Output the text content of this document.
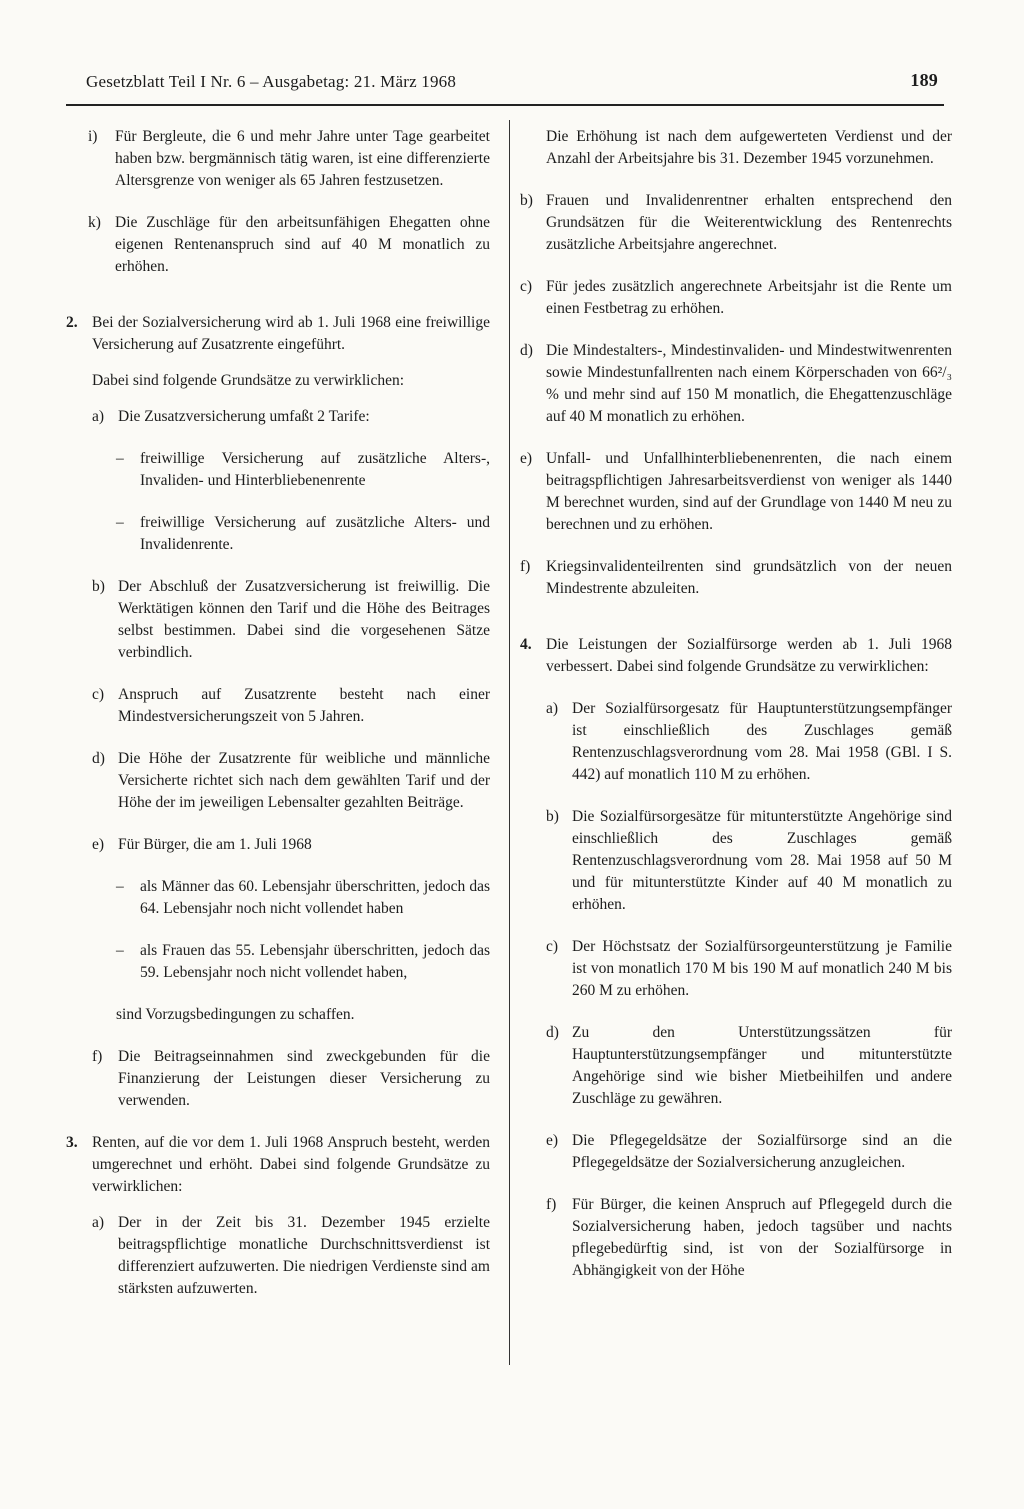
Gesetzblatt Teil I Nr. 6 – Ausgabetag: 21. März 1968	189

i) Für Bergleute, die 6 und mehr Jahre unter Tage gearbeitet haben bzw. bergmännisch tätig waren, ist eine differenzierte Altersgrenze von weniger als 65 Jahren festzusetzen.

k) Die Zuschläge für den arbeitsunfähigen Ehegatten ohne eigenen Rentenanspruch sind auf 40 M monatlich zu erhöhen.

2. Bei der Sozialversicherung wird ab 1. Juli 1968 eine freiwillige Versicherung auf Zusatzrente eingeführt.

Dabei sind folgende Grundsätze zu verwirklichen:

a) Die Zusatzversicherung umfaßt 2 Tarife:

– freiwillige Versicherung auf zusätzliche Alters-, Invaliden- und Hinterbliebenenrente

– freiwillige Versicherung auf zusätzliche Alters- und Invalidenrente.

b) Der Abschluß der Zusatzversicherung ist freiwillig. Die Werktätigen können den Tarif und die Höhe des Beitrages selbst bestimmen. Dabei sind die vorgesehenen Sätze verbindlich.

c) Anspruch auf Zusatzrente besteht nach einer Mindestversicherungszeit von 5 Jahren.

d) Die Höhe der Zusatzrente für weibliche und männliche Versicherte richtet sich nach dem gewählten Tarif und der Höhe der im jeweiligen Lebensalter gezahlten Beiträge.

e) Für Bürger, die am 1. Juli 1968

– als Männer das 60. Lebensjahr überschritten, jedoch das 64. Lebensjahr noch nicht vollendet haben

– als Frauen das 55. Lebensjahr überschritten, jedoch das 59. Lebensjahr noch nicht vollendet haben,

sind Vorzugsbedingungen zu schaffen.

f) Die Beitragseinnahmen sind zweckgebunden für die Finanzierung der Leistungen dieser Versicherung zu verwenden.

3. Renten, auf die vor dem 1. Juli 1968 Anspruch besteht, werden umgerechnet und erhöht. Dabei sind folgende Grundsätze zu verwirklichen:

a) Der in der Zeit bis 31. Dezember 1945 erzielte beitragspflichtige monatliche Durchschnittsverdienst ist differenziert aufzuwerten. Die niedrigen Verdienste sind am stärksten aufzuwerten.

Die Erhöhung ist nach dem aufgewerteten Verdienst und der Anzahl der Arbeitsjahre bis 31. Dezember 1945 vorzunehmen.

b) Frauen und Invalidenrentner erhalten entsprechend den Grundsätzen für die Weiterentwicklung des Rentenrechts zusätzliche Arbeitsjahre angerechnet.

c) Für jedes zusätzlich angerechnete Arbeitsjahr ist die Rente um einen Festbetrag zu erhöhen.

d) Die Mindestalters-, Mindestinvaliden- und Mindestwitwenrenten sowie Mindestunfallrenten nach einem Körperschaden von 66²/₃ % und mehr sind auf 150 M monatlich, die Ehegattenzuschläge auf 40 M monatlich zu erhöhen.

e) Unfall- und Unfallhinterbliebenenrenten, die nach einem beitragspflichtigen Jahresarbeitsverdienst von weniger als 1440 M berechnet wurden, sind auf der Grundlage von 1440 M neu zu berechnen und zu erhöhen.

f) Kriegsinvalidenteilrenten sind grundsätzlich von der neuen Mindestrente abzuleiten.

4. Die Leistungen der Sozialfürsorge werden ab 1. Juli 1968 verbessert. Dabei sind folgende Grundsätze zu verwirklichen:

a) Der Sozialfürsorgesatz für Hauptunterstützungsempfänger ist einschließlich des Zuschlages gemäß Rentenzuschlagsverordnung vom 28. Mai 1958 (GBl. I S. 442) auf monatlich 110 M zu erhöhen.

b) Die Sozialfürsorgesätze für mitunterstützte Angehörige sind einschließlich des Zuschlages gemäß Rentenzuschlagsverordnung vom 28. Mai 1958 auf 50 M und für mitunterstützte Kinder auf 40 M monatlich zu erhöhen.

c) Der Höchstsatz der Sozialfürsorgeunterstützung je Familie ist von monatlich 170 M bis 190 M auf monatlich 240 M bis 260 M zu erhöhen.

d) Zu den Unterstützungssätzen für Hauptunterstützungsempfänger und mitunterstützte Angehörige sind wie bisher Mietbeihilfen und andere Zuschläge zu gewähren.

e) Die Pflegegeldsätze der Sozialfürsorge sind an die Pflegegeldsätze der Sozialversicherung anzugleichen.

f) Für Bürger, die keinen Anspruch auf Pflegegeld durch die Sozialversicherung haben, jedoch tagsüber und nachts pflegebedürftig sind, ist von der Sozialfürsorge in Abhängigkeit von der Höhe
